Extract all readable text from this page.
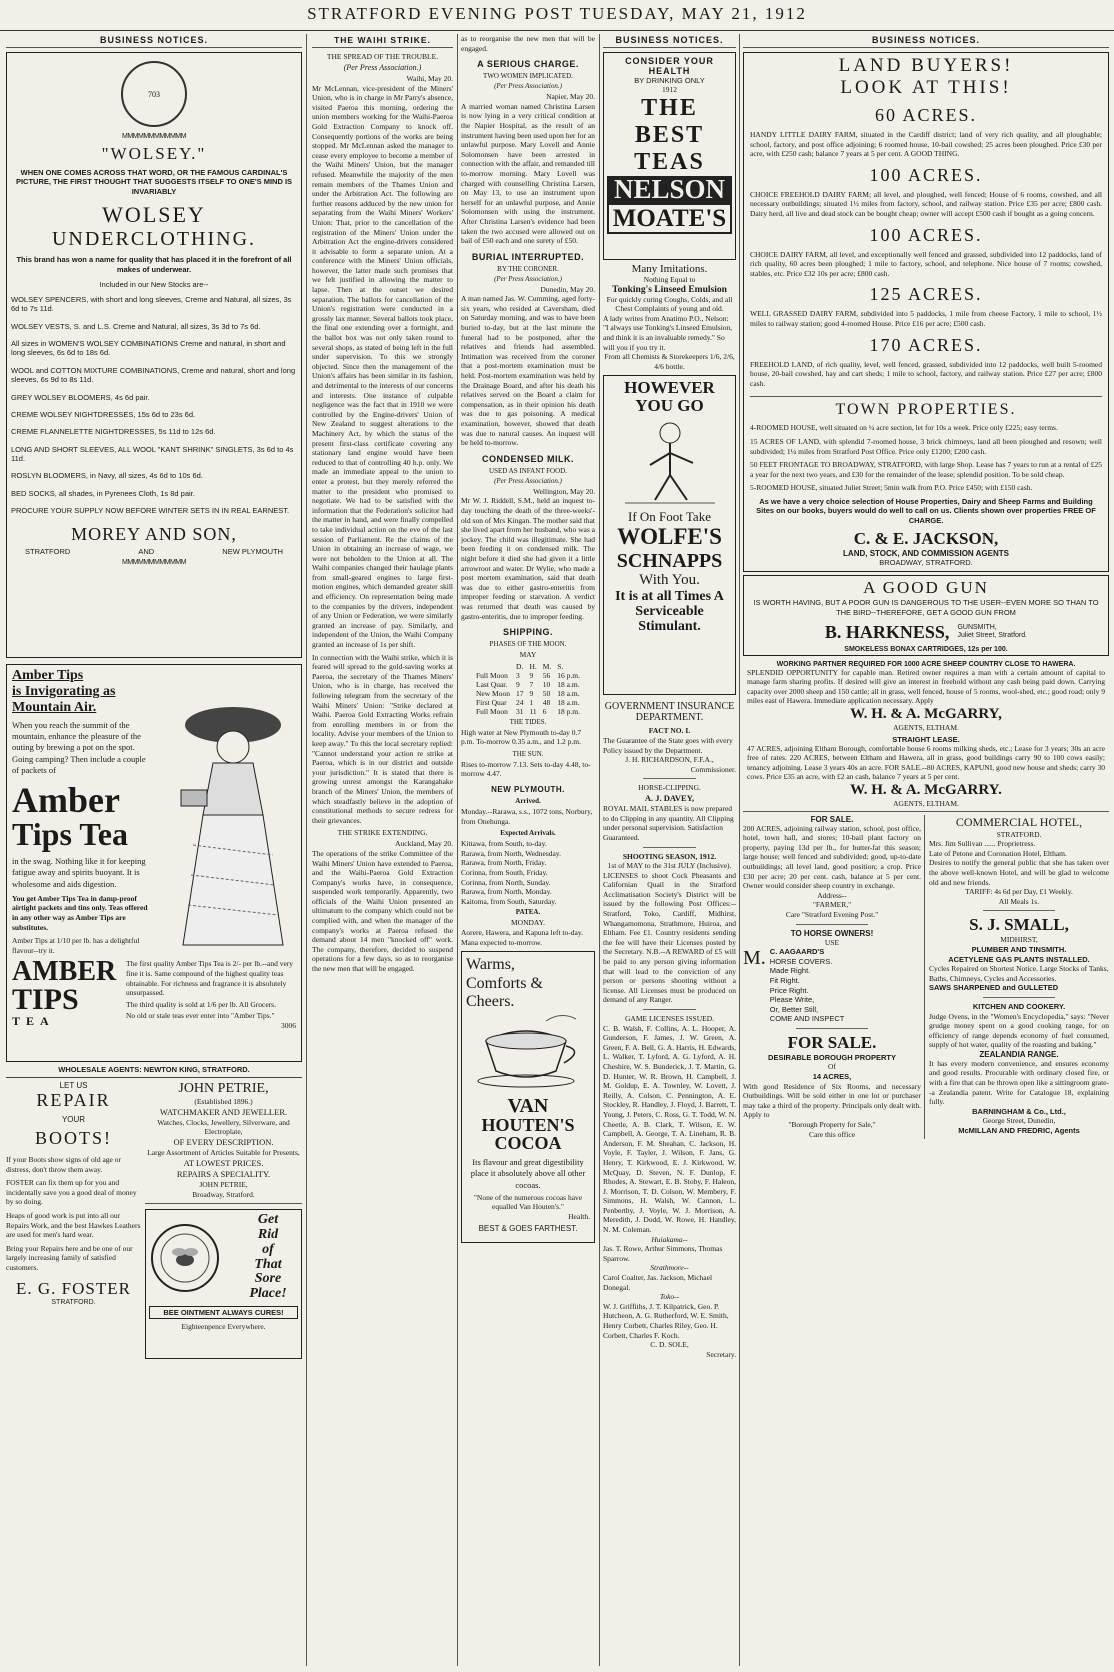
STRATFORD EVENING POST TUESDAY, MAY 21, 1912
BUSINESS NOTICES.
703
MMMMMMMMMMMM
"WOLSEY."
WHEN ONE COMES ACROSS THAT WORD, OR THE FAMOUS CARDINAL'S PICTURE, THE FIRST THOUGHT THAT SUGGESTS ITSELF TO ONE'S MIND IS INVARIABLY
WOLSEY
UNDERCLOTHING.
This brand has won a name for quality that has placed it in the forefront of all makes of underwear.
Included in our New Stocks are--
WOLSEY SPENCERS, with short and long sleeves, Creme and Natural, all sizes, 3s 6d to 7s 11d.
WOLSEY VESTS, S. and L.S. Creme and Natural, all sizes, 3s 3d to 7s 6d.
All sizes in WOMEN'S WOLSEY COMBINATIONS Creme and natural, in short and long sleeves, 6s 6d to 18s 6d.
WOOL and COTTON MIXTURE COMBINATIONS, Creme and natural, short and long sleeves, 6s 9d to 8s 11d.
GREY WOLSEY BLOOMERS, 4s 6d pair.
CREME WOLSEY NIGHTDRESSES, 15s 6d to 23s 6d.
CREME FLANNELETTE NIGHTDRESSES, 5s 11d to 12s 6d.
LONG AND SHORT SLEEVES, ALL WOOL "KANT SHRINK" SINGLETS, 3s 6d to 4s 11d.
ROSLYN BLOOMERS, in Navy, all sizes, 4s 6d to 10s 6d.
BED SOCKS, all shades, in Pyrenees Cloth, 1s 8d pair.
PROCURE YOUR SUPPLY NOW BEFORE WINTER SETS IN IN REAL EARNEST.
MOREY AND SON,
STRATFORD	AND	NEW PLYMOUTH
MMMMMMMMMMMM
Amber Tips
is Invigorating as
Mountain Air.
When you reach the summit of the mountain, enhance the pleasure of the outing by brewing a pot on the spot. Going camping? Then include a couple of packets of
Amber
Tips Tea
in the swag. Nothing like it for keeping fatigue away and spirits buoyant. It is wholesome and aids digestion.
You get Amber Tips Tea in damp-proof airtight packets and tins only. Teas offered in any other way as Amber Tips are substitutes.
Amber Tips at 1/10 per lb. has a delightful flavour--try it.
AMBER
TIPS
TEA
The first quality Amber Tips Tea is 2/- per lb.--and very fine it is. Same compound of the highest quality teas obtainable. For richness and fragrance it is absolutely unsurpassed.
The third quality is sold at 1/6 per lb. All Grocers.
No old or stale teas ever enter into "Amber Tips."
3006
WHOLESALE AGENTS: NEWTON KING, STRATFORD.
LET US
REPAIR
YOUR
BOOTS!
If your Boots show signs of old age or distress, don't throw them away.
FOSTER can fix them up for you and incidentally save you a good deal of money by so doing.
Heaps of good work is put into all our Repairs Work, and the best Hawkes Leathers are used for men's hard wear.
Bring your Repairs here and be one of our largely increasing family of satisfied customers.
E. G. FOSTER
STRATFORD.
JOHN PETRIE,
(Established 1896.)
WATCHMAKER AND JEWELLER.
Watches, Clocks, Jewellery, Silverware, and Electroplate,
OF EVERY DESCRIPTION.
Large Assortment of Articles Suitable for Presents,
AT LOWEST PRICES.
REPAIRS A SPECIALITY.
JOHN PETRIE,
Broadway, Stratford.
Get
Rid
of
That
Sore
Place!
BEE OINTMENT ALWAYS CURES!
Eighteenpence Everywhere.
THE WAIHI STRIKE.
THE SPREAD OF THE TROUBLE.
(Per Press Association.)
Waihi, May 20.

Mr McLennan, vice-president of the Miners' Union, who is in charge in Mr Parry's absence, visited Paeroa this morning, ordering the union members working for the Waihi-Paeroa Gold Extraction Company to knock off. Consequently portions of the works are being stopped. Mr McLennan asked the manager to cease every employee to become a member of the Waihi Miners' Union, but the manager refused. Meanwhile the majority of the men remain members of the Thames Union and under the Arbitration Act. The following are further reasons adduced by the new union for separating from the Waihi Miners' Workers' Union: That, prior to the cancellation of the registration of the Miners' Union under the Arbitration Act the engine-drivers considered it advisable to form a separate union. At a conference with the Miners' Union officials, however, the latter made such promises that we felt justified in allowing the matter to lapse. Then at the outset we desired separation. The ballots for cancellation of the Union's registration were conducted in a grossly lax manner. Several ballots took place, the final one extending over a fortnight, and the ballot box was not only taken round to several shops, as stated of being left in the full under supervision. To this we strongly objected. Since then the management of the Union's affairs has been similar in its fashion, and detrimental to the interests of our concerns and interests. One instance of culpable negligence was the fact that in 1910 we were controlled by the Engine-drivers' Union of New Zealand to suggest alterations to the Machinery Act, by which the status of the present first-class certificate covering any stationary land engine would have been reduced to that of controlling 40 h.p. only. We made an immediate appeal to the union to enter a protest, but they merely referred the matter to the president who promised to negotiate. We had to be satisfied with the information that the Federation's solicitor had the matter in hand, and were finally compelled to take individual action on the eve of the last session of Parliament. Re the claims of the Union in obtaining an increase of wage, we were not beholden to the Union at all. The Waihi companies changed their haulage plants from small-geared engines to large first-motion engines, which demanded greater skill and efficiency. On representation being made to the companies by the drivers, independent of any Union or Federation, we were similarly granted an increase of pay. Similarly, and independent of the Union, the Waihi Company granted an increase of 1s per shift.

In connection with the Waihi strike, which it is feared will spread to the gold-saving works at Paeroa, the secretary of the Thames Miners' Union, who is in charge, has received the following telegram from the secretary of the Waihi Miners' Union: "Strike declared at Waihi. Paeroa Gold Extracting Works refrain from enrolling members in or from the locality. Advise your members of the Union to keep away." To this the local secretary replied: "Cannot understand your action re strike at Paeroa, which is in our district and outside your jurisdiction." It is stated that there is growing unrest amongst the Karangahake branch of the Miners' Union, the members of which steadfastly believe in the adoption of constitutional methods to secure redress for their grievances.

THE STRIKE EXTENDING.
Auckland, May 20.

The operations of the strike Committee of the Waihi Miners' Union have extended to Paeroa, and the Waihi-Paeroa Gold Extraction Company's works have, in consequence, suspended work temporarily. Apparently, two officials of the Waihi Union presented an ultimatum to the company which could not be complied with, and when the manager of the company's works at Paeroa refused the demand about 14 men "knocked off" work. The company, therefore, decided to suspend operations for a few days, so as to reorganise the new men that will be engaged.

as to reorganise the new men that will be engaged.

A SERIOUS CHARGE.
TWO WOMEN IMPLICATED.
(Per Press Association.)
Napier, May 20.

A married woman named Christina Larsen is now lying in a very critical condition at the Napier Hospital, as the result of an instrument having been used upon her for an unlawful purpose. Mary Lovell and Annie Solomonsen have been arrested in connection with the affair, and remanded till to-morrow morning. Mary Lovell was charged with counselling Christina Larsen, on May 13, to use an instrument upon herself for an unlawful purpose, and Annie Solomonsen with using the instrument. After Christina Larsen's evidence had been taken the two accused were allowed out on bail of £50 each and one surety of £50.

BURIAL INTERRUPTED.
BY THE CORONER.
(Per Press Association.)
Dunedin, May 20.

A man named Jas. W. Cumming, aged forty-six years, who resided at Caversham, died on Saturday morning, and was to have been buried to-day, but at the last minute the funeral had to be postponed, after the relatives and friends had assembled. Intimation was received from the coroner that a post-mortem examination must be held. Post-mortem examination was held by the Drainage Board, and after his death his relatives served on the Board a claim for compensation, as in their opinion his death was due to gas poisoning. A medical examination, however, showed that death was due to natural causes. An inquest will be held to-morrow.

CONDENSED MILK.
USED AS INFANT FOOD.
(Per Press Association.)
Wellington, May 20.

Mr W. J. Riddell, S.M., held an inquest to-day touching the death of the three-weeks'-old son of Mrs Kingan. The mother said that she lived apart from her husband, who was a jockey. The child was illegitimate. She had been feeding it on condensed milk. The night before it died she had given it a little arrowroot and water. Dr Wylie, who made a post mortem examination, said that death was due to either gastro-enteritis from improper feeding or starvation. A verdict was returned that death was caused by gastro-enteritis, due to improper feeding.

SHIPPING.
PHASES OF THE MOON.
MAY
	D.	H.	M.	S.
Full Moon	3	9	56	16 p.m.
Last Quar.	9	7	10	18 a.m.
New Moon	17	9	50	18 a.m.
First Quar	24	1	48	18 a.m.
Full Moon	31	11	6	18 p.m.
THE TIDES.

High water at New Plymouth to-day 0.7 p.m. To-morrow 0.35 a.m., and 1.2 p.m.

THE SUN.

Rises to-morrow 7.13. Sets to-day 4.48, to-morrow 4.47.

NEW PLYMOUTH.
Arrived.

Monday.--Rarawa, s.s., 1072 tons, Norbury, from Onehunga.

Expected Arrivals.
Kittawa, from South, to-day.
Rarawa, from North, Wednesday.
Rarawa, from North, Friday.
Corinna, from South, Friday.
Corinna, from North, Sunday.
Rarawa, from North, Monday.
Kaitoma, from South, Saturday.
PATEA.
MONDAY.

Aorere, Hawera, and Kapuna left to-day. Mana expected to-morrow.

Warms,
Comforts &
Cheers.
VAN
HOUTEN'S
COCOA
Its flavour and great digestibility place it absolutely above all other cocoas.
"None of the numerous cocoas have equalled Van Houten's."
Health.
BEST & GOES FARTHEST.
BUSINESS NOTICES.
CONSIDER YOUR HEALTH
BY DRINKING ONLY
1912
THE BEST TEAS
NELSON
MOATE'S
Many Imitations.
Nothing Equal to
Tonking's Linseed Emulsion
For quickly curing Coughs, Colds, and all Chest Complaints of young and old.
A lady writes from Anatimo P.O., Nelson: "I always use Tonking's Linseed Emulsion, and think it is an invaluable remedy." So will you if you try it.
From all Chemists & Storekeepers 1/6, 2/6, 4/6 bottle.
HOWEVER YOU GO
If On Foot Take
WOLFE'S
SCHNAPPS
With You.
It is at all Times A Serviceable Stimulant.
GOVERNMENT INSURANCE
DEPARTMENT.
FACT NO. I.
The Guarantee of the State goes with every Policy issued by the Department.
J. H. RICHARDSON, F.F.A.,
Commissioner.
HORSE-CLIPPING.
A. J. DAVEY,
ROYAL MAIL STABLES is now prepared to do Clipping in any quantity. All Clipping under personal supervision. Satisfaction Guaranteed.
SHOOTING SEASON, 1912.
1st of MAY to the 31st JULY (Inclusive).
LICENSES to shoot Cock Pheasants and Californian Quail in the Stratford Acclimatisation Society's District will be issued by the following Post Offices:--Stratford, Toko, Cardiff, Midhirst, Whangamomona, Strathmore, Huiroa, and Eltham. Fee £1. Country residents sending the fee will have their Licenses posted by the Secretary. N.B.--A REWARD of £5 will be paid to any person giving information that will lead to the conviction of any person or persons shooting without a license. All Licenses must be produced on demand of any Ranger.
GAME LICENSES ISSUED.
C. B. Walsh, F. Collins, A. L. Hooper, A. Gunderson, F. James, J. W. Green, A. Green, F. A. Bell, G. A. Harris, H. Edwards, L. Walker, T. Lyford, A. G. Lyford, A. H. Cheshire, W. S. Bunderick, J. T. Martin, G. D. Hunter, W. R. Brown, H. Campbell, J. M. Goldup, E. A. Townley, W. Lovett, J. Reilly, A. Colson, C. Pennington, A. E. Stockley, R. Handley, J. Floyd, J. Barrett, T. Young, J. Peters, C. Ross, G. T. Todd, W. N. Cheetle, A. B. Clark, T. Wilson, E. W. Campbell, A. George, T. A. Lineham, R. B. Anderson, F. M. Sheahan, C. Jackson, H. Voyle, F. Tayler, J. Wilson, F. Jans, G. Henry, T. Kirkwood, E. J. Kirkwood, W. McQuay, D. Steven, N. F. Dunlop, F. Rhodes, A. Stewart, E. B. Stoby, F. Haleon, J. Morrison, T. D. Colson, W. Membery, F. Simmons, H. Walsh, W. Cannon, L. Penberthy, J. Voyle, W. J. Morrison, A. Meredith, J. Dodd, W. Rowe, H. Handley, N. M. Coleman.
Huiakama--
Jas. T. Rowe, Arthur Simmons, Thomas Sparrow.
Strathmore--
Carol Coalter, Jas. Jackson, Michael Donegal.
Toko--
W. J. Griffiths, J. T. Kilpatrick, Geo. P. Hutcheon, A. G. Rutherford, W. E. Smith, Henry Corbett, Charles Riley, Geo. H. Corbett, Charles F. Koch.
C. D. SOLE,
Secretary.
BUSINESS NOTICES.
LAND BUYERS!
LOOK AT THIS!
60 ACRES.
HANDY LITTLE DAIRY FARM, situated in the Cardiff district; land of very rich quality, and all ploughable; school, factory, and post office adjoining; 6 roomed house, 10-bail cowshed; 25 acres been ploughed. Price £30 per acre, with £250 cash; balance 7 years at 5 per cent. A GOOD THING.
100 ACRES.
CHOICE FREEHOLD DAIRY FARM; all level, and ploughed, well fenced; House of 6 rooms, cowshed, and all necessary outbuildings; situated 1½ miles from factory, school, and railway station. Price £35 per acre; £800 cash. Dairy herd, all live and dead stock can be bought cheap; owner will accept £500 cash if bought as a going concern.
100 ACRES.
CHOICE DAIRY FARM, all level, and exceptionally well fenced and grassed, subdivided into 12 paddocks, land of rich quality, 60 acres been ploughed; 1 mile to factory, school, and telephone. Nice house of 7 rooms; cowshed, stables, etc. Price £32 10s per acre; £800 cash.
125 ACRES.
WELL GRASSED DAIRY FARM, subdivided into 5 paddocks, 1 mile from cheese Factory, 1 mile to school, 1½ miles to railway station; good 4-roomed House. Price £16 per acre; £500 cash.
170 ACRES.
FREEHOLD LAND, of rich quality, level, well fenced, grassed, subdivided into 12 paddocks, well built 5-roomed house, 20-bail cowshed, hay and cart sheds; 1 mile to school, factory, and railway station. Price £27 per acre; £800 cash.
TOWN PROPERTIES.
4-ROOMED HOUSE, well situated on ¼ acre section, let for 10s a week. Price only £225; easy terms.
15 ACRES OF LAND, with splendid 7-roomed house, 3 brick chimneys, land all been ploughed and resown; well subdivided; 1¼ miles from Stratford Post Office. Price only £1200; £200 cash.
50 FEET FRONTAGE TO BROADWAY, STRATFORD, with large Shop. Lease has 7 years to run at a rental of £25 a year for the next two years, and £30 for the remainder of the lease; splendid position. To be sold cheap.
5-ROOMED HOUSE, situated Juliet Street; 5min walk from P.O. Price £450; with £150 cash.
As we have a very choice selection of House Properties, Dairy and Sheep Farms and Building Sites on our books, buyers would do well to call on us. Clients shown over properties FREE OF CHARGE.
C. & E. JACKSON,
LAND, STOCK, AND COMMISSION AGENTS
BROADWAY, STRATFORD.
A GOOD GUN
IS WORTH HAVING, BUT A POOR GUN IS DANGEROUS TO THE USER--EVEN MORE SO THAN TO THE BIRD--THEREFORE, GET A GOOD GUN FROM
B. HARKNESS, GUNSMITH,
Juliet Street, Stratford.
SMOKELESS BONAX CARTRIDGES, 12s per 100.
WORKING PARTNER REQUIRED FOR 1000 ACRE SHEEP COUNTRY CLOSE TO HAWERA.
SPLENDID OPPORTUNITY for capable man. Retired owner requires a man with a certain amount of capital to manage farm sharing profits. If desired will give an interest in freehold without any cash being paid down. Carrying capacity over 2000 sheep and 150 cattle; all in grass, well fenced, house of 5 rooms, wool-shed, etc.; good road; only 9 miles east of Hawera. Immediate application necessary. Apply
W. H. & A. McGARRY,
AGENTS, ELTHAM.
STRAIGHT LEASE.
47 ACRES, adjoining Eltham Borough, comfortable house 6 rooms milking sheds, etc.; Lease for 3 years; 30s an acre free of rates. 220 ACRES, between Eltham and Hawera, all in grass, good buildings carry 90 to 100 cows easily; tenancy adjoining. Lease 3 years 40s an acre. FOR SALE.--80 ACRES, KAPUNI, good new house and sheds; carry 30 cows. Price £35 an acre, with £2 an cash, balance 7 years at 5 per cent.
W. H. & A. McGARRY.
AGENTS, ELTHAM.
FOR SALE.
200 ACRES, adjoining railway station, school, post office, hotel, town hall, and stores; 10-bail plant factory on property, paying 13d per lb., for butter-fat this season; large house; well fenced and subdivided; good, up-to-date outbuildings; all level land, good position; a crop. Price £30 per acre; 20 per cent. cash, balance at 5 per cent. Owner would consider sheep country in exchange.
Address--
"FARMER,"
Care "Stratford Evening Post."
TO HORSE OWNERS!
USE
M. C. AAGAARD'S
HORSE COVERS.
Made Right.
Fit Right.
Price Right.
Please Write,
Or, Better Still,
COME AND INSPECT
FOR SALE.
DESIRABLE BOROUGH PROPERTY
Of
14 ACRES,
With good Residence of Six Rooms, and necessary Outbuildings. Will be sold either in one lot or purchaser may take a third of the property. Principals only dealt with. Apply to
"Borough Property for Sale,"
Care this office
COMMERCIAL HOTEL,
STRATFORD.
Mrs. Jim Sullivan ...... Proprietress.
Late of Petone and Coronation Hotel, Eltham.
Desires to notify the general public that she has taken over the above well-known Hotel, and will be glad to welcome old and new friends.
TARIFF: 4s 6d per Day, £1 Weekly.
All Meals 1s.
S. J. SMALL,
MIDHIRST,
PLUMBER AND TINSMITH.
ACETYLENE GAS PLANTS INSTALLED.
Cycles Repaired on Shortest Notice. Large Stocks of Tanks, Baths, Chimneys, Cycles and Accessories.
SAWS SHARPENED and GULLETED
KITCHEN AND COOKERY.
Judge Ovens, in the "Women's Encyclopedia," says: "Never grudge money spent on a good cooking range, for on efficiency of range depends economy of fuel consumed, supply of hot water, quality of the roasting and baking."
ZEALANDIA RANGE.
It has every modern convenience, and ensures economy and good results. Procurable with ordinary closed fire, or with a fire that can be thrown open like a sittingroom grate--a Zealandia patent. Write for Catalogue 18, explaining fully.
BARNINGHAM & Co., Ltd.,
George Street, Dunedin,
McMILLAN AND FREDRIC, Agents
